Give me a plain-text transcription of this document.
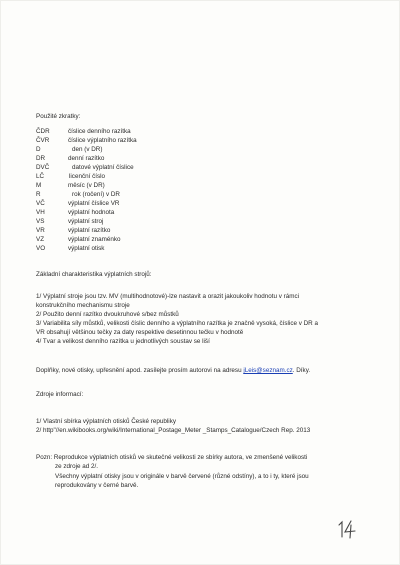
Použité zkratky:
ČDR	číslice denního razítka
ČVR	číslice výplatního razítka
D	den (v DR)
DR	denní razítko
DVČ	datové výplatní číslice
LČ	licenční číslo
M	měsíc (v DR)
R	rok (ročení) v DR
VČ	výplatní číslice VR
VH	výplatní hodnota
VS	výplatní stroj
VR	výplatní razítko
VZ	výplatní znaménko
VO	výplatní otisk
Základní charakteristika výplatních strojů:
1/ Výplatní stroje jsou tzv. MV (multihodnotové)-lze nastavit a orazit jakoukoliv hodnotu v rámci
konstrukčního mechanismu stroje
2/ Použito denní razítko dvoukruhové s/bez můstků
3/ Variabilita síly můstků, velikosti číslic denního a výplatního razítka je značně vysoká, číslice v DR a
VR obsahují většinou tečky za daty respektive desetinnou tečku v hodnotě
4/ Tvar a velikost denního razítka u jednotlivých soustav se liší
Doplňky, nové otisky, upřesnění apod. zasílejte prosím autorovi na adresu jLeis@seznam.cz. Díky.
Zdroje informací:
1/ Vlastní sbírka výplatních otisků České republiky
2/ http"//en.wikibooks.org/wiki/International_Postage_Meter _Stamps_Catalogue/Czech Rep. 2013
Pozn: Reprodukce výplatních otisků ve skutečné velikosti ze sbírky autora, ve zmenšené velikosti
ze zdroje ad 2/.
Všechny výplatní otisky jsou v originále v barvě červené (různé odstíny), a to i ty, které jsou
reprodukovány v černé barvě.
